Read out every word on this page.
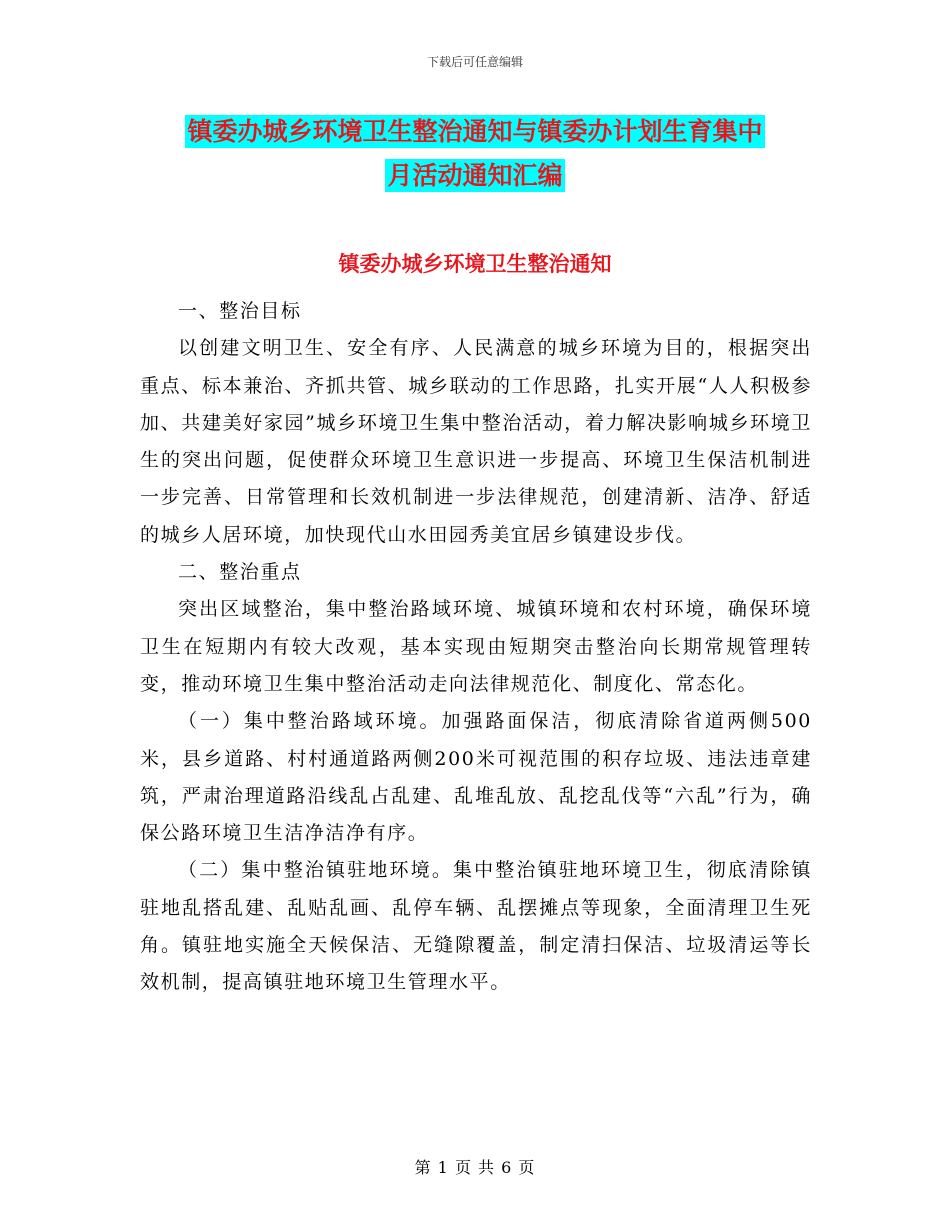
下载后可任意编辑
镇委办城乡环境卫生整治通知与镇委办计划生育集中
月活动通知汇编
镇委办城乡环境卫生整治通知

一、整治目标

以创建文明卫生、安全有序、人民满意的城乡环境为目的，根据突出重点、标本兼治、齐抓共管、城乡联动的工作思路，扎实开展“人人积极参加、共建美好家园”城乡环境卫生集中整治活动，着力解决影响城乡环境卫生的突出问题，促使群众环境卫生意识进一步提高、环境卫生保洁机制进一步完善、日常管理和长效机制进一步法律规范，创建清新、洁净、舒适的城乡人居环境，加快现代山水田园秀美宜居乡镇建设步伐。

二、整治重点

突出区域整治，集中整治路域环境、城镇环境和农村环境，确保环境卫生在短期内有较大改观，基本实现由短期突击整治向长期常规管理转变，推动环境卫生集中整治活动走向法律规范化、制度化、常态化。

（一）集中整治路域环境。加强路面保洁，彻底清除省道两侧500米，县乡道路、村村通道路两侧200米可视范围的积存垃圾、违法违章建筑，严肃治理道路沿线乱占乱建、乱堆乱放、乱挖乱伐等“六乱”行为，确保公路环境卫生洁净洁净有序。

（二）集中整治镇驻地环境。集中整治镇驻地环境卫生，彻底清除镇驻地乱搭乱建、乱贴乱画、乱停车辆、乱摆摊点等现象，全面清理卫生死角。镇驻地实施全天候保洁、无缝隙覆盖，制定清扫保洁、垃圾清运等长效机制，提高镇驻地环境卫生管理水平。

第 1 页 共 6 页
